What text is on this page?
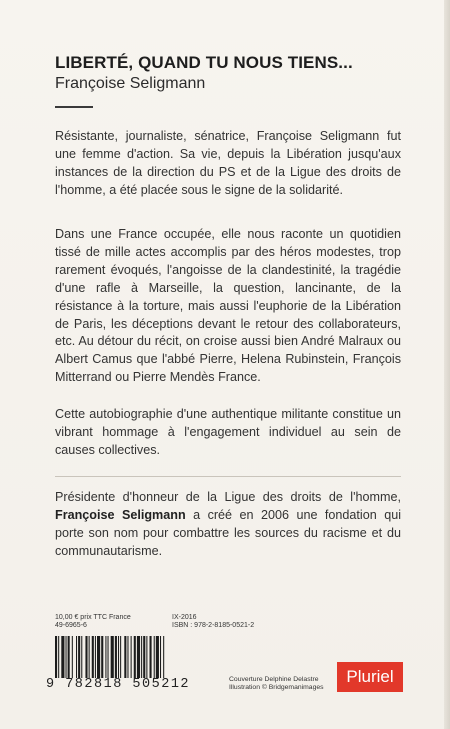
LIBERTÉ, QUAND TU NOUS TIENS...
Françoise Seligmann
Résistante, journaliste, sénatrice, Françoise Seligmann fut une femme d'action. Sa vie, depuis la Libération jusqu'aux instances de la direction du PS et de la Ligue des droits de l'homme, a été placée sous le signe de la solidarité.
Dans une France occupée, elle nous raconte un quotidien tissé de mille actes accomplis par des héros modestes, trop rarement évoqués, l'angoisse de la clandestinité, la tragédie d'une rafle à Marseille, la question, lancinante, de la résistance à la torture, mais aussi l'euphorie de la Libération de Paris, les déceptions devant le retour des collaborateurs, etc. Au détour du récit, on croise aussi bien André Malraux ou Albert Camus que l'abbé Pierre, Helena Rubinstein, François Mitterrand ou Pierre Mendès France.
Cette autobiographie d'une authentique militante constitue un vibrant hommage à l'engagement individuel au sein de causes collectives.
Présidente d'honneur de la Ligue des droits de l'homme, Françoise Seligmann a créé en 2006 une fondation qui porte son nom pour combattre les sources du racisme et du communautarisme.
10,00 € prix TTC France	IX-2016
49-6965-6	ISBN : 978-2-8185-0521-2
9 782818 505212	Couverture Delphine Delastre
Illustration © Bridgemanimages
Pluriel
